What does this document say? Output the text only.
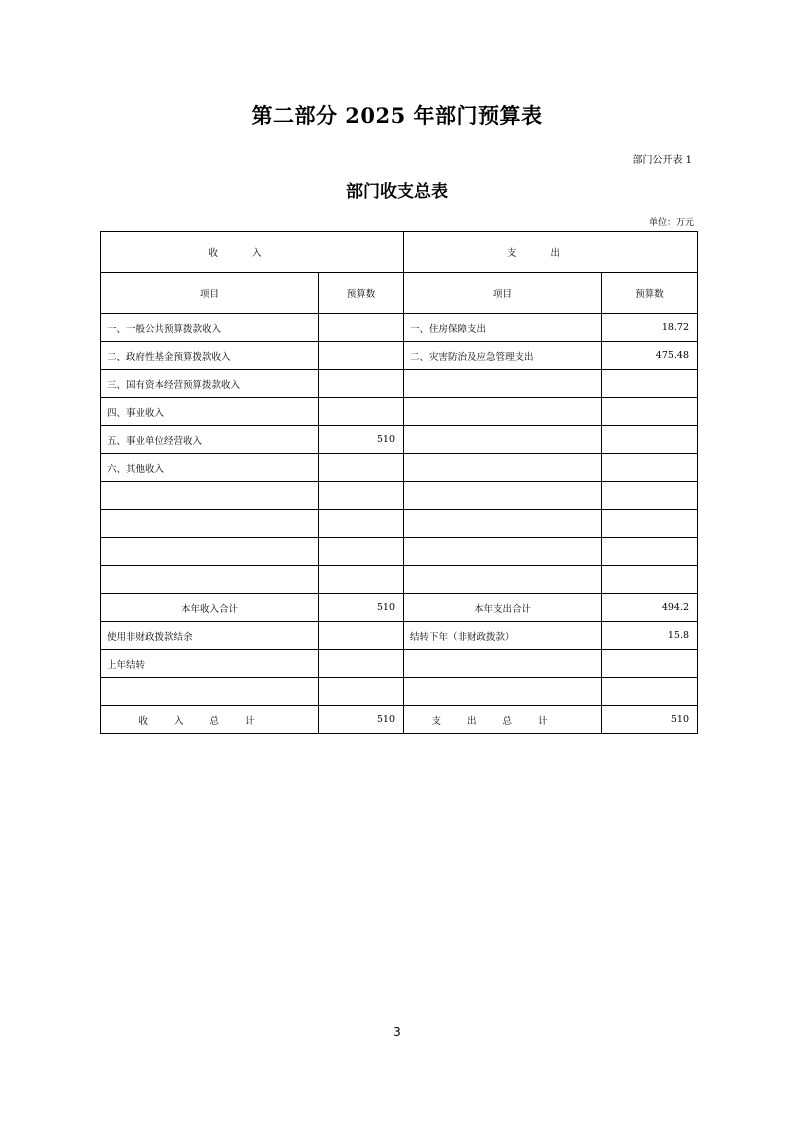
第二部分 2025 年部门预算表
部门公开表 1
部门收支总表
单位：万元
收入		支出	
项目	预算数	项目	预算数
一、一般公共预算拨款收入		一、住房保障支出	18.72
二、政府性基金预算拨款收入		二、灾害防治及应急管理支出	475.48
三、国有资本经营预算拨款收入			
四、事业收入			
五、事业单位经营收入	510		
六、其他收入			

本年收入合计	510	本年支出合计	494.2
使用非财政拨款结余		结转下年（非财政拨款）	15.8
上年结转			

收入总计	510	支出总计	510
3
